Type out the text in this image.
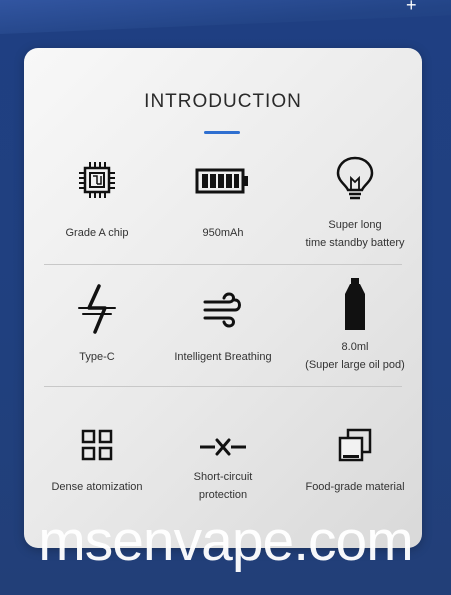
+
INTRODUCTION
Grade A chip	950mAh
Super long
time standby battery
Type-C	Intelligent Breathing
8.0ml
(Super large oil pod)
Dense atomization
Short-circuit
protection
Food-grade material
msenvape.com
